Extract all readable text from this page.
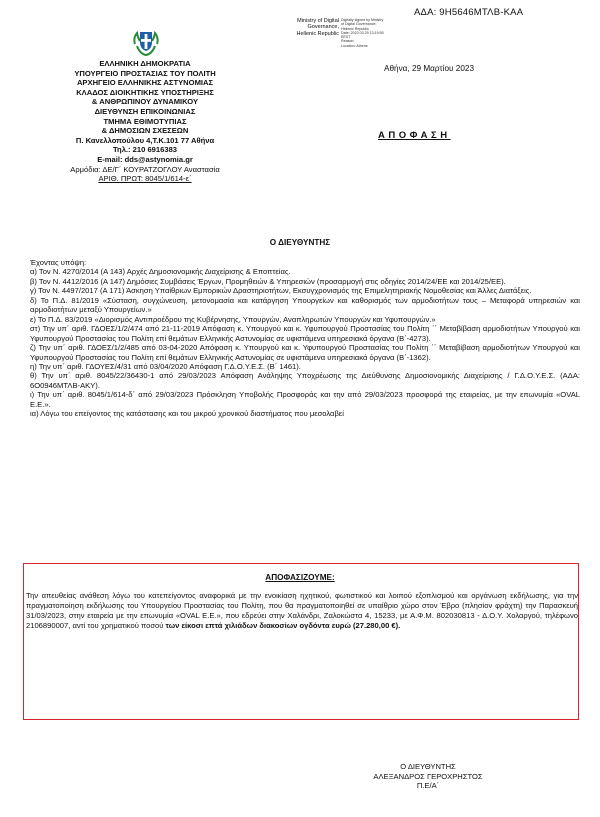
ΑΔΑ: 9Η5646ΜΤΛΒ-ΚΑΑ
Ministry of Digital
Governance,
Hellenic Republic
Digitally signed by Ministry
of Digital Governance,
Hellenic Republic
Date: 2023.03.29 13:19:55
EEST
Reason:
Location: Athens
ΕΛΛΗΝΙΚΗ ΔΗΜΟΚΡΑΤΙΑ
ΥΠΟΥΡΓΕΙΟ ΠΡΟΣΤΑΣΙΑΣ ΤΟΥ ΠΟΛΙΤΗ
ΑΡΧΗΓΕΙΟ ΕΛΛΗΝΙΚΗΣ ΑΣΤΥΝΟΜΙΑΣ
ΚΛΑΔΟΣ ΔΙΟΙΚΗΤΙΚΗΣ ΥΠΟΣΤΗΡΙΞΗΣ
& ΑΝΘΡΩΠΙΝΟΥ ΔΥΝΑΜΙΚΟΥ
ΔΙΕΥΘΥΝΣΗ ΕΠΙΚΟΙΝΩΝΙΑΣ
ΤΜΗΜΑ ΕΘΙΜΟΤΥΠΙΑΣ
& ΔΗΜΟΣΙΩΝ ΣΧΕΣΕΩΝ
Π. Κανελλοπούλου 4,Τ.Κ.101 77 Αθήνα
Τηλ.: 210 6916383
E-mail: dds@astynomia.gr
Αρμόδια: ΔΕ/Γ΄ ΚΟΥΡΑΤΖΟΓΛΟΥ Αναστασία
ΑΡΙΘ. ΠΡΩΤ: 8045/1/614-ε΄
Αθήνα, 29 Μαρτίου 2023
ΑΠΟΦΑΣΗ
Ο ΔΙΕΥΘΥΝΤΗΣ

Έχοντας υπόψη:

α) Τον Ν. 4270/2014 (Α 143) Αρχές Δημοσιονομικής Διαχείρισης & Εποπτείας.

β) Τον Ν. 4412/2016 (Α 147) Δημόσιες Συμβάσεις Έργων, Προμηθειών & Υπηρεσιών (προσαρμογή στις οδηγίες 2014/24/ΕΕ και 2014/25/ΕΕ).

γ) Τον Ν. 4497/2017 (Α 171) Άσκηση Υπαίθριων Εμπορικών Δραστηριοτήτων, Εκσυγχρονισμός της Επιμελητηριακής Νομοθεσίας και Άλλες Διατάξεις.

δ) Το Π.Δ. 81/2019 «Σύσταση, συγχώνευση, μετονομασία και κατάργηση Υπουργείων και καθορισμός των αρμοδιοτήτων τους – Μεταφορά υπηρεσιών και αρμοδιοτήτων μεταξύ Υπουργείων.»

ε) Το Π.Δ. 83/2019 «Διορισμός Αντιπροέδρου της Κυβέρνησης, Υπουργών, Αναπληρωτών Υπουργών και Υφυπουργών.»

στ) Την υπ΄ αριθ. ΓΔΟΕΣ/1/2/474 από 21-11-2019 Απόφαση κ. Υπουργού και κ. Υφυπουργού Προστασίας του Πολίτη ΄΄ Μεταβίβαση αρμοδιοτήτων Υπουργού και Υφυπουργού Προστασίας του Πολίτη επί θεμάτων Ελληνικής Αστυνομίας σε υφιστάμενα υπηρεσιακά όργανα (Β΄-4273).

ζ) Την υπ΄ αριθ. ΓΔΟΕΣ/1/2/485 από 03-04-2020 Απόφαση κ. Υπουργού και κ. Υφυπουργού Προστασίας του Πολίτη ΄΄ Μεταβίβαση αρμοδιοτήτων Υπουργού και Υφυπουργού Προστασίας του Πολίτη επί θεμάτων Ελληνικής Αστυνομίας σε υφιστάμενα υπηρεσιακά όργανα (Β΄-1362).

η) Την υπ΄ αριθ. ΓΔΟΥΕΣ/4/31 από 03/04/2020 Απόφαση Γ.Δ.Ο.Υ.Ε.Σ. (Β΄ 1461).

θ) Την υπ΄ αριθ. 8045/22/36430-1 από 29/03/2023 Απόφαση Ανάληψης Υποχρέωσης της Διεύθυνσης Δημοσιονομικής Διαχείρισης / Γ.Δ.Ο.Υ.Ε.Σ. (ΑΔΑ: 6Ο0946ΜΤΛΒ-ΑΚΥ).

ι) Την υπ΄ αριθ. 8045/1/614-δ΄ από 29/03/2023 Πρόσκληση Υποβολής Προσφοράς και την από 29/03/2023 προσφορά της εταιρείας, με την επωνυμία «OVAL Ε.Ε.».

ια) Λόγω του επείγοντος της κατάστασης και του μικρού χρονικού διαστήματος που μεσολαβεί

ΑΠΟΦΑΣΙΖΟΥΜΕ:
Την απευθείας ανάθεση λόγω του κατεπείγοντος αναφορικά με την ενοικίαση ηχητικού, φωτιστικού και λοιπού εξοπλισμού και οργάνωση εκδήλωσης, για την πραγματοποίηση εκδήλωσης του Υπουργείου Προστασίας του Πολίτη, που θα πραγματοποιηθεί σε υπαίθριο χώρο στον Έβρο (πλησίον φράχτη) την Παρασκευή 31/03/2023, στην εταιρεία με την επωνυμία «OVAL Ε.Ε.», που εδρεύει στην Χαλάνδρι, Ζαλοκώστα 4, 15233, με Α.Φ.Μ. 802030813 - Δ.Ο.Υ. Χολαργού, τηλέφωνο 2106890007, αντί του χρηματικού ποσού των είκοσι επτά χιλιάδων διακοσίων ογδόντα ευρώ (27.280,00 €).
Ο ΔΙΕΥΘΥΝΤΗΣ
ΑΛΕΞΑΝΔΡΟΣ ΓΕΡΟΧΡΗΣΤΟΣ
Π.Ε/Α΄
